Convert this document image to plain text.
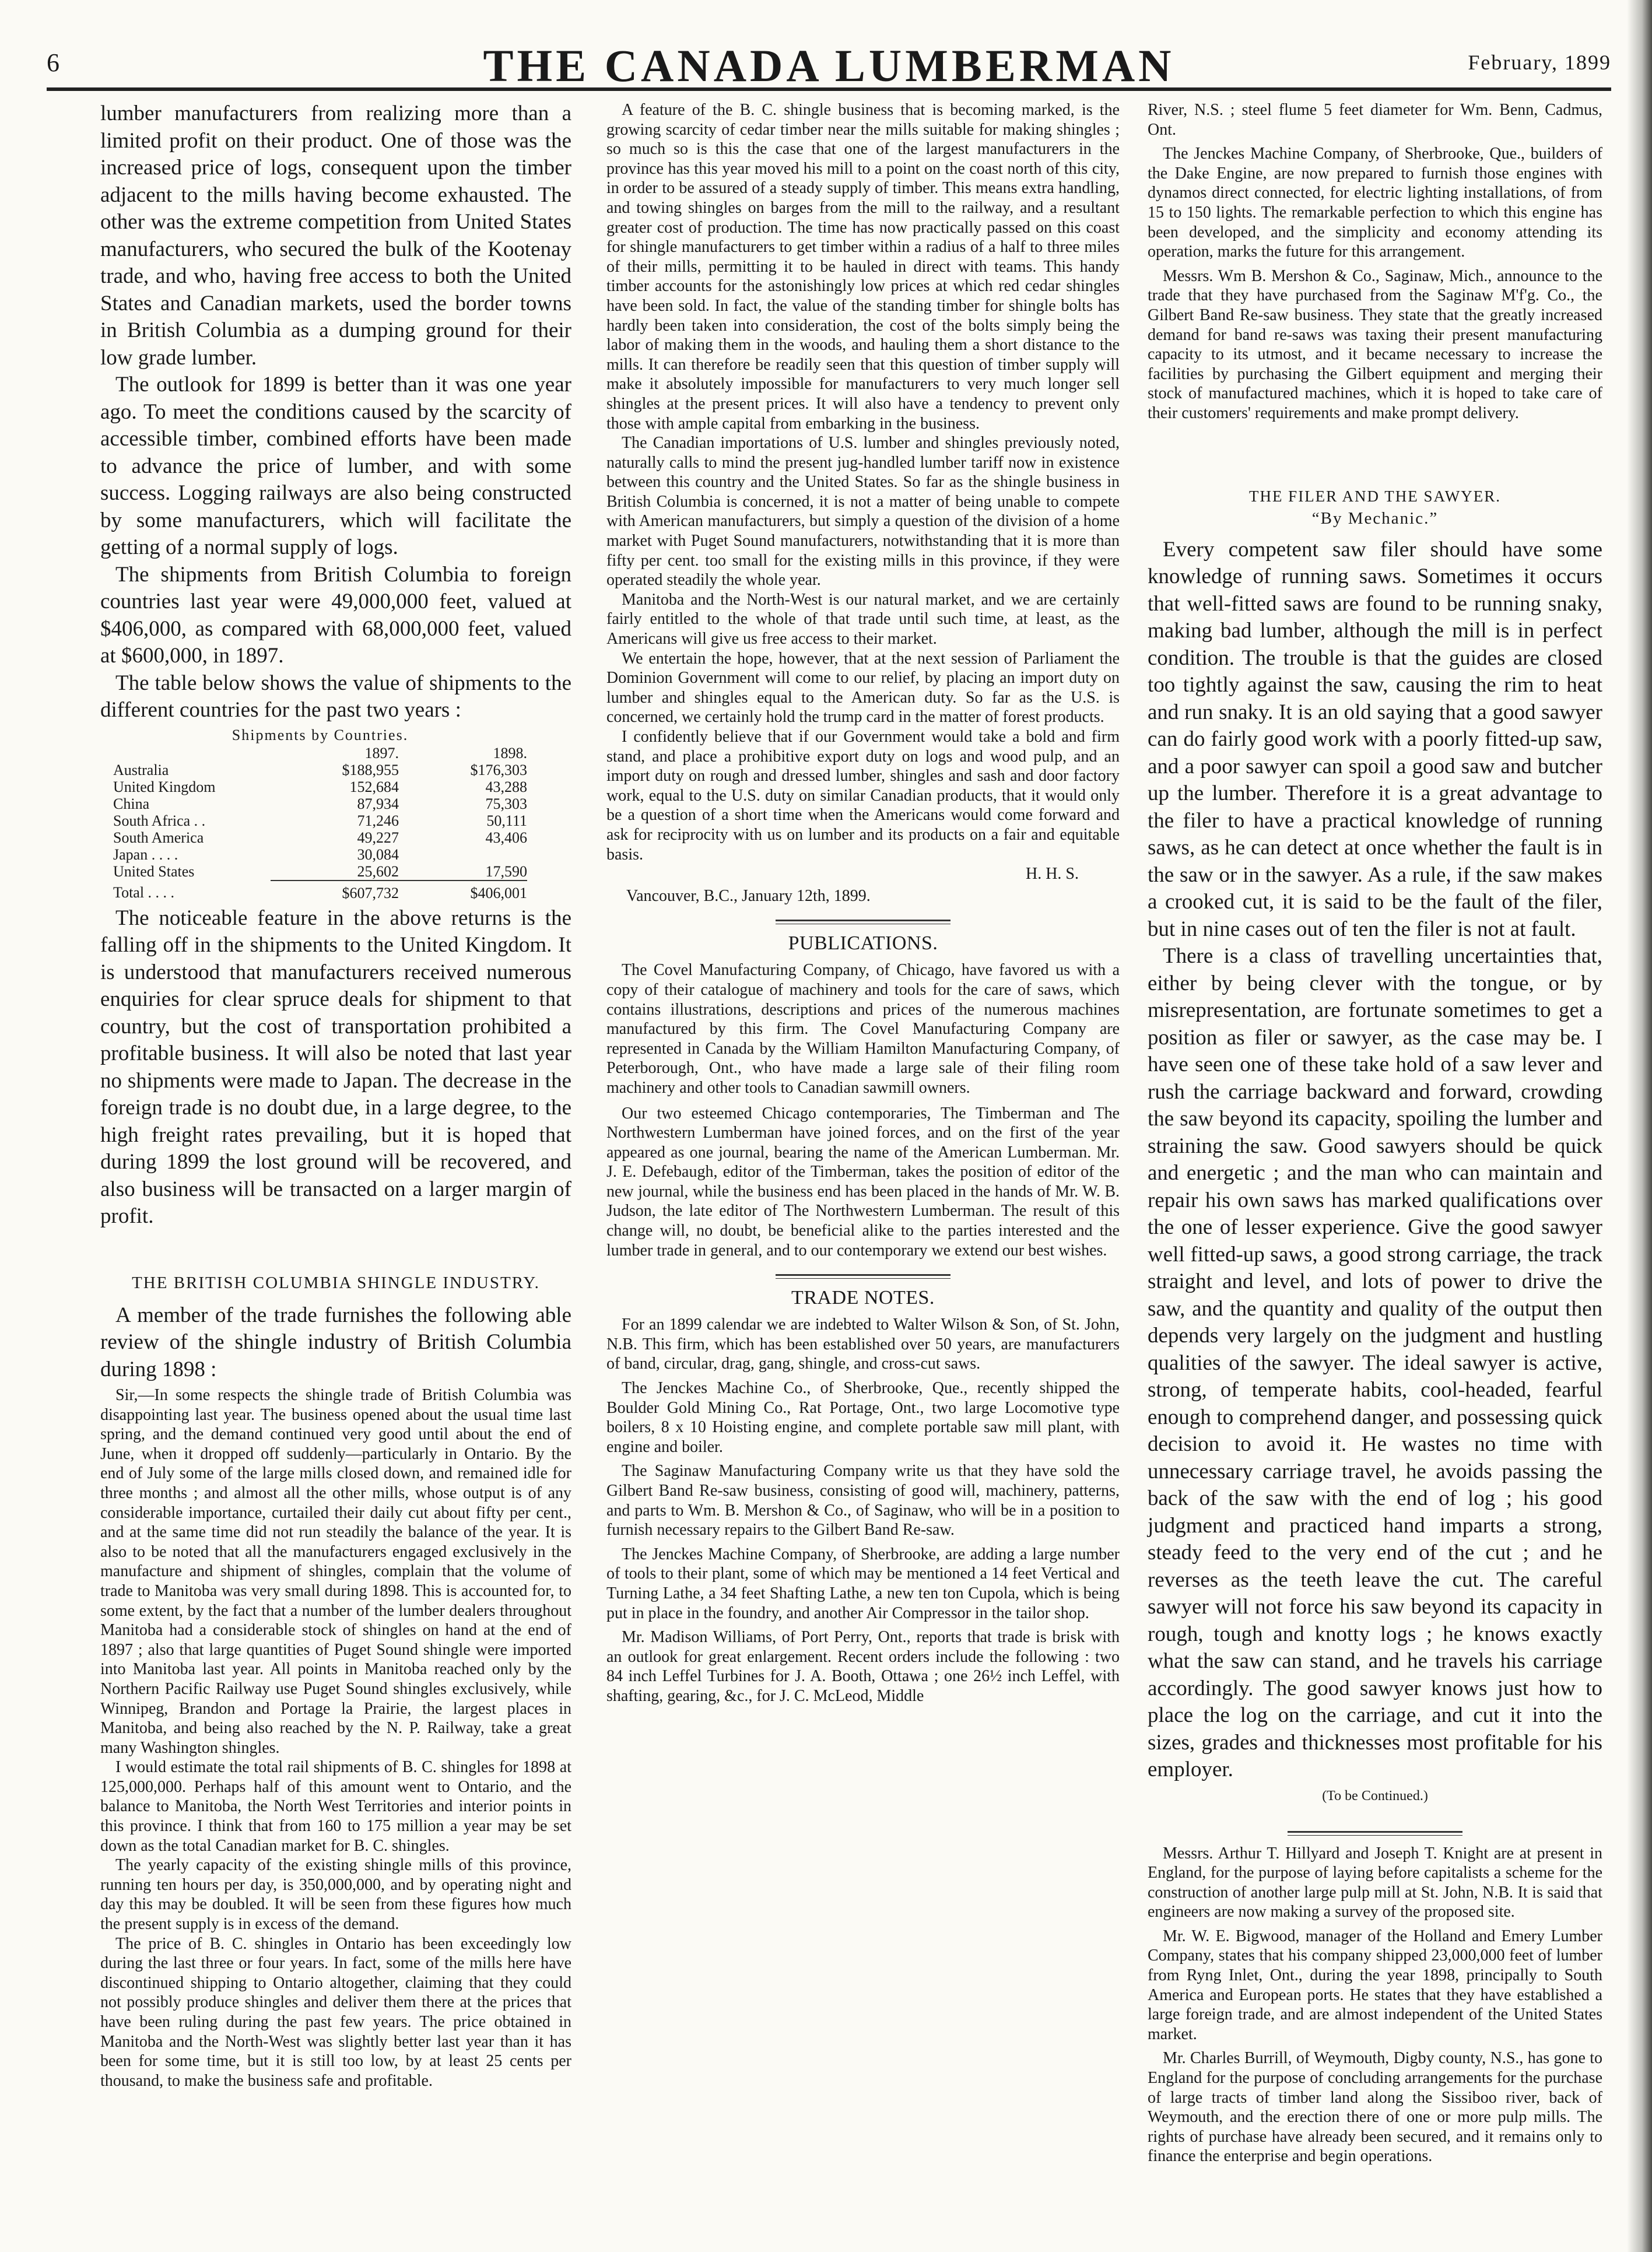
6	THE CANADA LUMBERMAN	February, 1899

lumber manufacturers from realizing more than a limited profit on their product. One of those was the increased price of logs, consequent upon the timber adjacent to the mills having become exhausted. The other was the extreme competition from United States manufacturers, who secured the bulk of the Kootenay trade, and who, having free access to both the United States and Canadian markets, used the border towns in British Columbia as a dumping ground for their low grade lumber.

The outlook for 1899 is better than it was one year ago. To meet the conditions caused by the scarcity of accessible timber, combined efforts have been made to advance the price of lumber, and with some success. Logging railways are also being constructed by some manufacturers, which will facilitate the getting of a normal supply of logs.

The shipments from British Columbia to foreign countries last year were 49,000,000 feet, valued at $406,000, as compared with 68,000,000 feet, valued at $600,000, in 1897.

The table below shows the value of shipments to the different countries for the past two years :

Shipments by Countries.
	1897.	1898.
Australia	$188,955	$176,303
United Kingdom	152,684	43,288
China	87,934	75,303
South Africa . .	71,246	50,111
South America	49,227	43,406
Japan . . . .	30,084	
United States	25,602	17,590
Total . . . .	$607,732	$406,001

The noticeable feature in the above returns is the falling off in the shipments to the United Kingdom. It is understood that manufacturers received numerous enquiries for clear spruce deals for shipment to that country, but the cost of transportation prohibited a profitable business. It will also be noted that last year no shipments were made to Japan. The decrease in the foreign trade is no doubt due, in a large degree, to the high freight rates prevailing, but it is hoped that during 1899 the lost ground will be recovered, and also business will be transacted on a larger margin of profit.

THE BRITISH COLUMBIA SHINGLE INDUSTRY.

A member of the trade furnishes the following able review of the shingle industry of British Columbia during 1898 :

Sir,—In some respects the shingle trade of British Columbia was disappointing last year. The business opened about the usual time last spring, and the demand continued very good until about the end of June, when it dropped off suddenly—particularly in Ontario. By the end of July some of the large mills closed down, and remained idle for three months ; and almost all the other mills, whose output is of any considerable importance, curtailed their daily cut about fifty per cent., and at the same time did not run steadily the balance of the year. It is also to be noted that all the manufacturers engaged exclusively in the manufacture and shipment of shingles, complain that the volume of trade to Manitoba was very small during 1898. This is accounted for, to some extent, by the fact that a number of the lumber dealers throughout Manitoba had a considerable stock of shingles on hand at the end of 1897 ; also that large quantities of Puget Sound shingle were imported into Manitoba last year. All points in Manitoba reached only by the Northern Pacific Railway use Puget Sound shingles exclusively, while Winnipeg, Brandon and Portage la Prairie, the largest places in Manitoba, and being also reached by the N. P. Railway, take a great many Washington shingles.

I would estimate the total rail shipments of B. C. shingles for 1898 at 125,000,000. Perhaps half of this amount went to Ontario, and the balance to Manitoba, the North West Territories and interior points in this province. I think that from 160 to 175 million a year may be set down as the total Canadian market for B. C. shingles.

The yearly capacity of the existing shingle mills of this province, running ten hours per day, is 350,000,000, and by operating night and day this may be doubled. It will be seen from these figures how much the present supply is in excess of the demand.

The price of B. C. shingles in Ontario has been exceedingly low during the last three or four years. In fact, some of the mills here have discontinued shipping to Ontario altogether, claiming that they could not possibly produce shingles and deliver them there at the prices that have been ruling during the past few years. The price obtained in Manitoba and the North-West was slightly better last year than it has been for some time, but it is still too low, by at least 25 cents per thousand, to make the business safe and profitable.

A feature of the B. C. shingle business that is becoming marked, is the growing scarcity of cedar timber near the mills suitable for making shingles ; so much so is this the case that one of the largest manufacturers in the province has this year moved his mill to a point on the coast north of this city, in order to be assured of a steady supply of timber. This means extra handling, and towing shingles on barges from the mill to the railway, and a resultant greater cost of production. The time has now practically passed on this coast for shingle manufacturers to get timber within a radius of a half to three miles of their mills, permitting it to be hauled in direct with teams. This handy timber accounts for the astonishingly low prices at which red cedar shingles have been sold. In fact, the value of the standing timber for shingle bolts has hardly been taken into consideration, the cost of the bolts simply being the labor of making them in the woods, and hauling them a short distance to the mills. It can therefore be readily seen that this question of timber supply will make it absolutely impossible for manufacturers to very much longer sell shingles at the present prices. It will also have a tendency to prevent only those with ample capital from embarking in the business.

The Canadian importations of U.S. lumber and shingles previously noted, naturally calls to mind the present jug-handled lumber tariff now in existence between this country and the United States. So far as the shingle business in British Columbia is concerned, it is not a matter of being unable to compete with American manufacturers, but simply a question of the division of a home market with Puget Sound manufacturers, notwithstanding that it is more than fifty per cent. too small for the existing mills in this province, if they were operated steadily the whole year.

Manitoba and the North-West is our natural market, and we are certainly fairly entitled to the whole of that trade until such time, at least, as the Americans will give us free access to their market.

We entertain the hope, however, that at the next session of Parliament the Dominion Government will come to our relief, by placing an import duty on lumber and shingles equal to the American duty. So far as the U.S. is concerned, we certainly hold the trump card in the matter of forest products.

I confidently believe that if our Government would take a bold and firm stand, and place a prohibitive export duty on logs and wood pulp, and an import duty on rough and dressed lumber, shingles and sash and door factory work, equal to the U.S. duty on similar Canadian products, that it would only be a question of a short time when the Americans would come forward and ask for reciprocity with us on lumber and its products on a fair and equitable basis.

H. H. S.

Vancouver, B.C., January 12th, 1899.

PUBLICATIONS.

The Covel Manufacturing Company, of Chicago, have favored us with a copy of their catalogue of machinery and tools for the care of saws, which contains illustrations, descriptions and prices of the numerous machines manufactured by this firm. The Covel Manufacturing Company are represented in Canada by the William Hamilton Manufacturing Company, of Peterborough, Ont., who have made a large sale of their filing room machinery and other tools to Canadian sawmill owners.

Our two esteemed Chicago contemporaries, The Timberman and The Northwestern Lumberman have joined forces, and on the first of the year appeared as one journal, bearing the name of the American Lumberman. Mr. J. E. Defebaugh, editor of the Timberman, takes the position of editor of the new journal, while the business end has been placed in the hands of Mr. W. B. Judson, the late editor of The Northwestern Lumberman. The result of this change will, no doubt, be beneficial alike to the parties interested and the lumber trade in general, and to our contemporary we extend our best wishes.

TRADE NOTES.

For an 1899 calendar we are indebted to Walter Wilson & Son, of St. John, N.B. This firm, which has been established over 50 years, are manufacturers of band, circular, drag, gang, shingle, and cross-cut saws.

The Jenckes Machine Co., of Sherbrooke, Que., recently shipped the Boulder Gold Mining Co., Rat Portage, Ont., two large Locomotive type boilers, 8 x 10 Hoisting engine, and complete portable saw mill plant, with engine and boiler.

The Saginaw Manufacturing Company write us that they have sold the Gilbert Band Re-saw business, consisting of good will, machinery, patterns, and parts to Wm. B. Mershon & Co., of Saginaw, who will be in a position to furnish necessary repairs to the Gilbert Band Re-saw.

The Jenckes Machine Company, of Sherbrooke, are adding a large number of tools to their plant, some of which may be mentioned a 14 feet Vertical and Turning Lathe, a 34 feet Shafting Lathe, a new ten ton Cupola, which is being put in place in the foundry, and another Air Compressor in the tailor shop.

Mr. Madison Williams, of Port Perry, Ont., reports that trade is brisk with an outlook for great enlargement. Recent orders include the following : two 84 inch Leffel Turbines for J. A. Booth, Ottawa ; one 26½ inch Leffel, with shafting, gearing, &c., for J. C. McLeod, Middle

River, N.S. ; steel flume 5 feet diameter for Wm. Benn, Cadmus, Ont.

The Jenckes Machine Company, of Sherbrooke, Que., builders of the Dake Engine, are now prepared to furnish those engines with dynamos direct connected, for electric lighting installations, of from 15 to 150 lights. The remarkable perfection to which this engine has been developed, and the simplicity and economy attending its operation, marks the future for this arrangement.

Messrs. Wm B. Mershon & Co., Saginaw, Mich., announce to the trade that they have purchased from the Saginaw M'f'g. Co., the Gilbert Band Re-saw business. They state that the greatly increased demand for band re-saws was taxing their present manufacturing capacity to its utmost, and it became necessary to increase the facilities by purchasing the Gilbert equipment and merging their stock of manufactured machines, which it is hoped to take care of their customers' requirements and make prompt delivery.

THE FILER AND THE SAWYER.
“By Mechanic.”

Every competent saw filer should have some knowledge of running saws. Sometimes it occurs that well-fitted saws are found to be running snaky, making bad lumber, although the mill is in perfect condition. The trouble is that the guides are closed too tightly against the saw, causing the rim to heat and run snaky. It is an old saying that a good sawyer can do fairly good work with a poorly fitted-up saw, and a poor sawyer can spoil a good saw and butcher up the lumber. Therefore it is a great advantage to the filer to have a practical knowledge of running saws, as he can detect at once whether the fault is in the saw or in the sawyer. As a rule, if the saw makes a crooked cut, it is said to be the fault of the filer, but in nine cases out of ten the filer is not at fault.

There is a class of travelling uncertainties that, either by being clever with the tongue, or by misrepresentation, are fortunate sometimes to get a position as filer or sawyer, as the case may be. I have seen one of these take hold of a saw lever and rush the carriage backward and forward, crowding the saw beyond its capacity, spoiling the lumber and straining the saw. Good sawyers should be quick and energetic ; and the man who can maintain and repair his own saws has marked qualifications over the one of lesser experience. Give the good sawyer well fitted-up saws, a good strong carriage, the track straight and level, and lots of power to drive the saw, and the quantity and quality of the output then depends very largely on the judgment and hustling qualities of the sawyer. The ideal sawyer is active, strong, of temperate habits, cool-headed, fearful enough to comprehend danger, and possessing quick decision to avoid it. He wastes no time with unnecessary carriage travel, he avoids passing the back of the saw with the end of log ; his good judgment and practiced hand imparts a strong, steady feed to the very end of the cut ; and he reverses as the teeth leave the cut. The careful sawyer will not force his saw beyond its capacity in rough, tough and knotty logs ; he knows exactly what the saw can stand, and he travels his carriage accordingly. The good sawyer knows just how to place the log on the carriage, and cut it into the sizes, grades and thicknesses most profitable for his employer.

(To be Continued.)

Messrs. Arthur T. Hillyard and Joseph T. Knight are at present in England, for the purpose of laying before capitalists a scheme for the construction of another large pulp mill at St. John, N.B. It is said that engineers are now making a survey of the proposed site.

Mr. W. E. Bigwood, manager of the Holland and Emery Lumber Company, states that his company shipped 23,000,000 feet of lumber from Ryng Inlet, Ont., during the year 1898, principally to South America and European ports. He states that they have established a large foreign trade, and are almost independent of the United States market.

Mr. Charles Burrill, of Weymouth, Digby county, N.S., has gone to England for the purpose of concluding arrangements for the purchase of large tracts of timber land along the Sissiboo river, back of Weymouth, and the erection there of one or more pulp mills. The rights of purchase have already been secured, and it remains only to finance the enterprise and begin operations.
